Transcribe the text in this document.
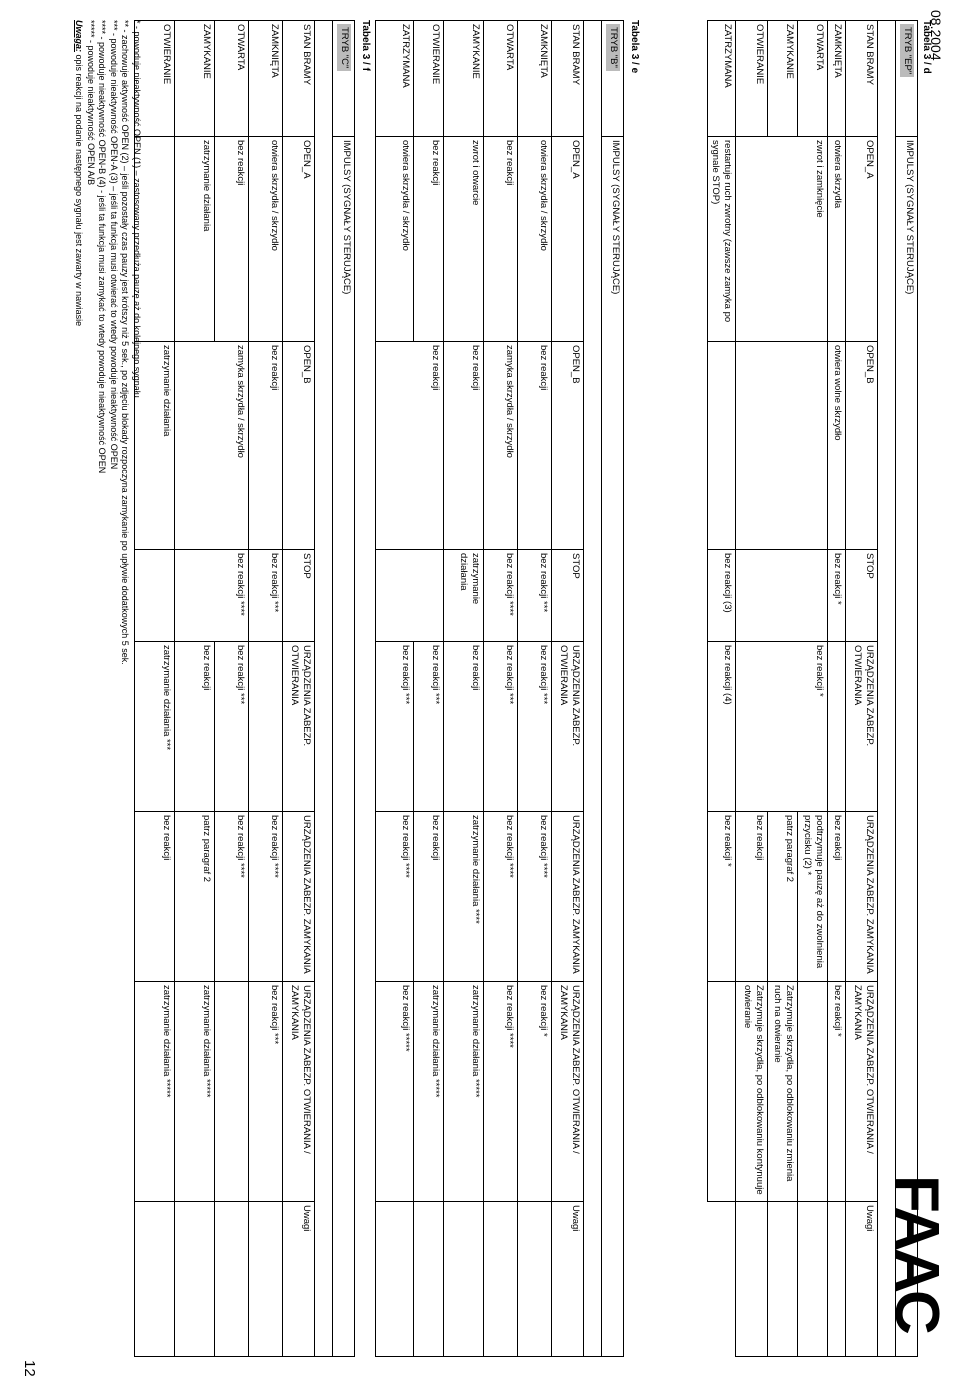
08.2004
FAAC
12
Tabela 3 / d
TRYB "EP"	IMPULSY (SYGNAŁY STERUJĄCE)						

STAN BRAMY	OPEN_A	OPEN_B	STOP	URZĄDZENIA ZABEZP. OTWIERANIA	URZĄDZENIA ZABEZP. ZAMYKANIA	URZĄDZENIA ZABEZP. OTWIERANIA / ZAMYKANIA	Uwagi
ZAMKNIĘTA	otwiera skrzydła	otwiera wolne skrzydło	bez reakcji *		bez reakcji	bez reakcji *	
OTWARTA	zwrot i zamknięcie			bez reakcji *	podtrzymuje pauzę aż do zwolnienia przycisku (2) *		
ZAMYKANIE					patrz paragraf 2	Zatrzymuje skrzydła, po odblokowaniu zmienia ruch na otwieranie	
OTWIERANIE					bez reakcji	Zatrzymuje skrzydła, po odblokowaniu kontynuuje otwieranie	
ZATRZYMANA	restartuje ruch zwrotny (zawsze zamyka po sygnale STOP)		bez reakcji (3)	bez reakcji (4)	bez reakcji *		
Tabela 3 / e
TRYB "B"	IMPULSY (SYGNAŁY STERUJĄCE)						

STAN BRAMY	OPEN_A	OPEN_B	STOP	URZĄDZENIA ZABEZP. OTWIERANIA	URZĄDZENIA ZABEZP. ZAMYKANIA	URZĄDZENIA ZABEZP. OTWIERANIA / ZAMYKANIA	Uwagi
ZAMKNIĘTA	otwiera skrzydła / skrzydło	bez reakcji	bez reakcji ***	bez reakcji ***	bez reakcji ****	bez reakcji *	
OTWARTA	bez reakcji	zamyka skrzydła / skrzydło	bez reakcji ****	bez reakcji ***	bez reakcji ****	bez reakcji ****	
ZAMYKANIE	zwrot i otwarcie	bez reakcji	zatrzymanie działania	bez reakcji	zatrzymanie działania ****	zatrzymanie działania *****	
OTWIERANIE	bez reakcji	bez reakcji		bez reakcji ***	bez reakcji	zatrzymanie działania *****	
ZATRZYMANA	otwiera skrzydła / skrzydło			bez reakcji ***	bez reakcji ****	bez reakcji *****	
Tabela 3 / f
TRYB "C"	IMPULSY (SYGNAŁY STERUJĄCE)						

STAN BRAMY	OPEN_A	OPEN_B	STOP	URZĄDZENIA ZABEZP. OTWIERANIA	URZĄDZENIA ZABEZP. ZAMYKANIA	URZĄDZENIA ZABEZP. OTWIERANIA / ZAMYKANIA	Uwagi
ZAMKNIĘTA	otwiera skrzydła / skrzydło	bez reakcji	bez reakcji ***		bez reakcji ****	bez reakcji ***	
OTWARTA	bez reakcji	zamyka skrzydła / skrzydło	bez reakcji ****	bez reakcji ***	bez reakcji ****		
ZAMYKANIE	zatrzymanie działania			bez reakcji	patrz paragraf 2	zatrzymanie działania *****	
OTWIERANIE		zatrzymanie działania		zatrzymanie działania ***	bez reakcji	zatrzymanie działania *****	
* - powoduje nieaktywność OPEN (1) – zastosowany przedłuża pauzę aż do kolejnego sygnału
** - zachowuje aktywność OPEN (2) – jeśli pozostały czas pauzy jest krótszy niż 5 sek., po zdjęciu blokady rozpoczyna zamykanie po upływie dodatkowych 5 sek.
*** - powoduje nieaktywność OPEN-A (3) – jeśli ta funkcja musi otwierać to wtedy powoduje nieaktywność OPEN
**** - powoduje nieaktywność OPEN-B (4) - jeśli ta funkcja musi zamykać to wtedy powoduje nieaktywność OPEN
***** - powoduje nieaktywność OPEN A/B
Uwaga: opis reakcji na podanie następnego sygnału jest zawarty w nawiasie
